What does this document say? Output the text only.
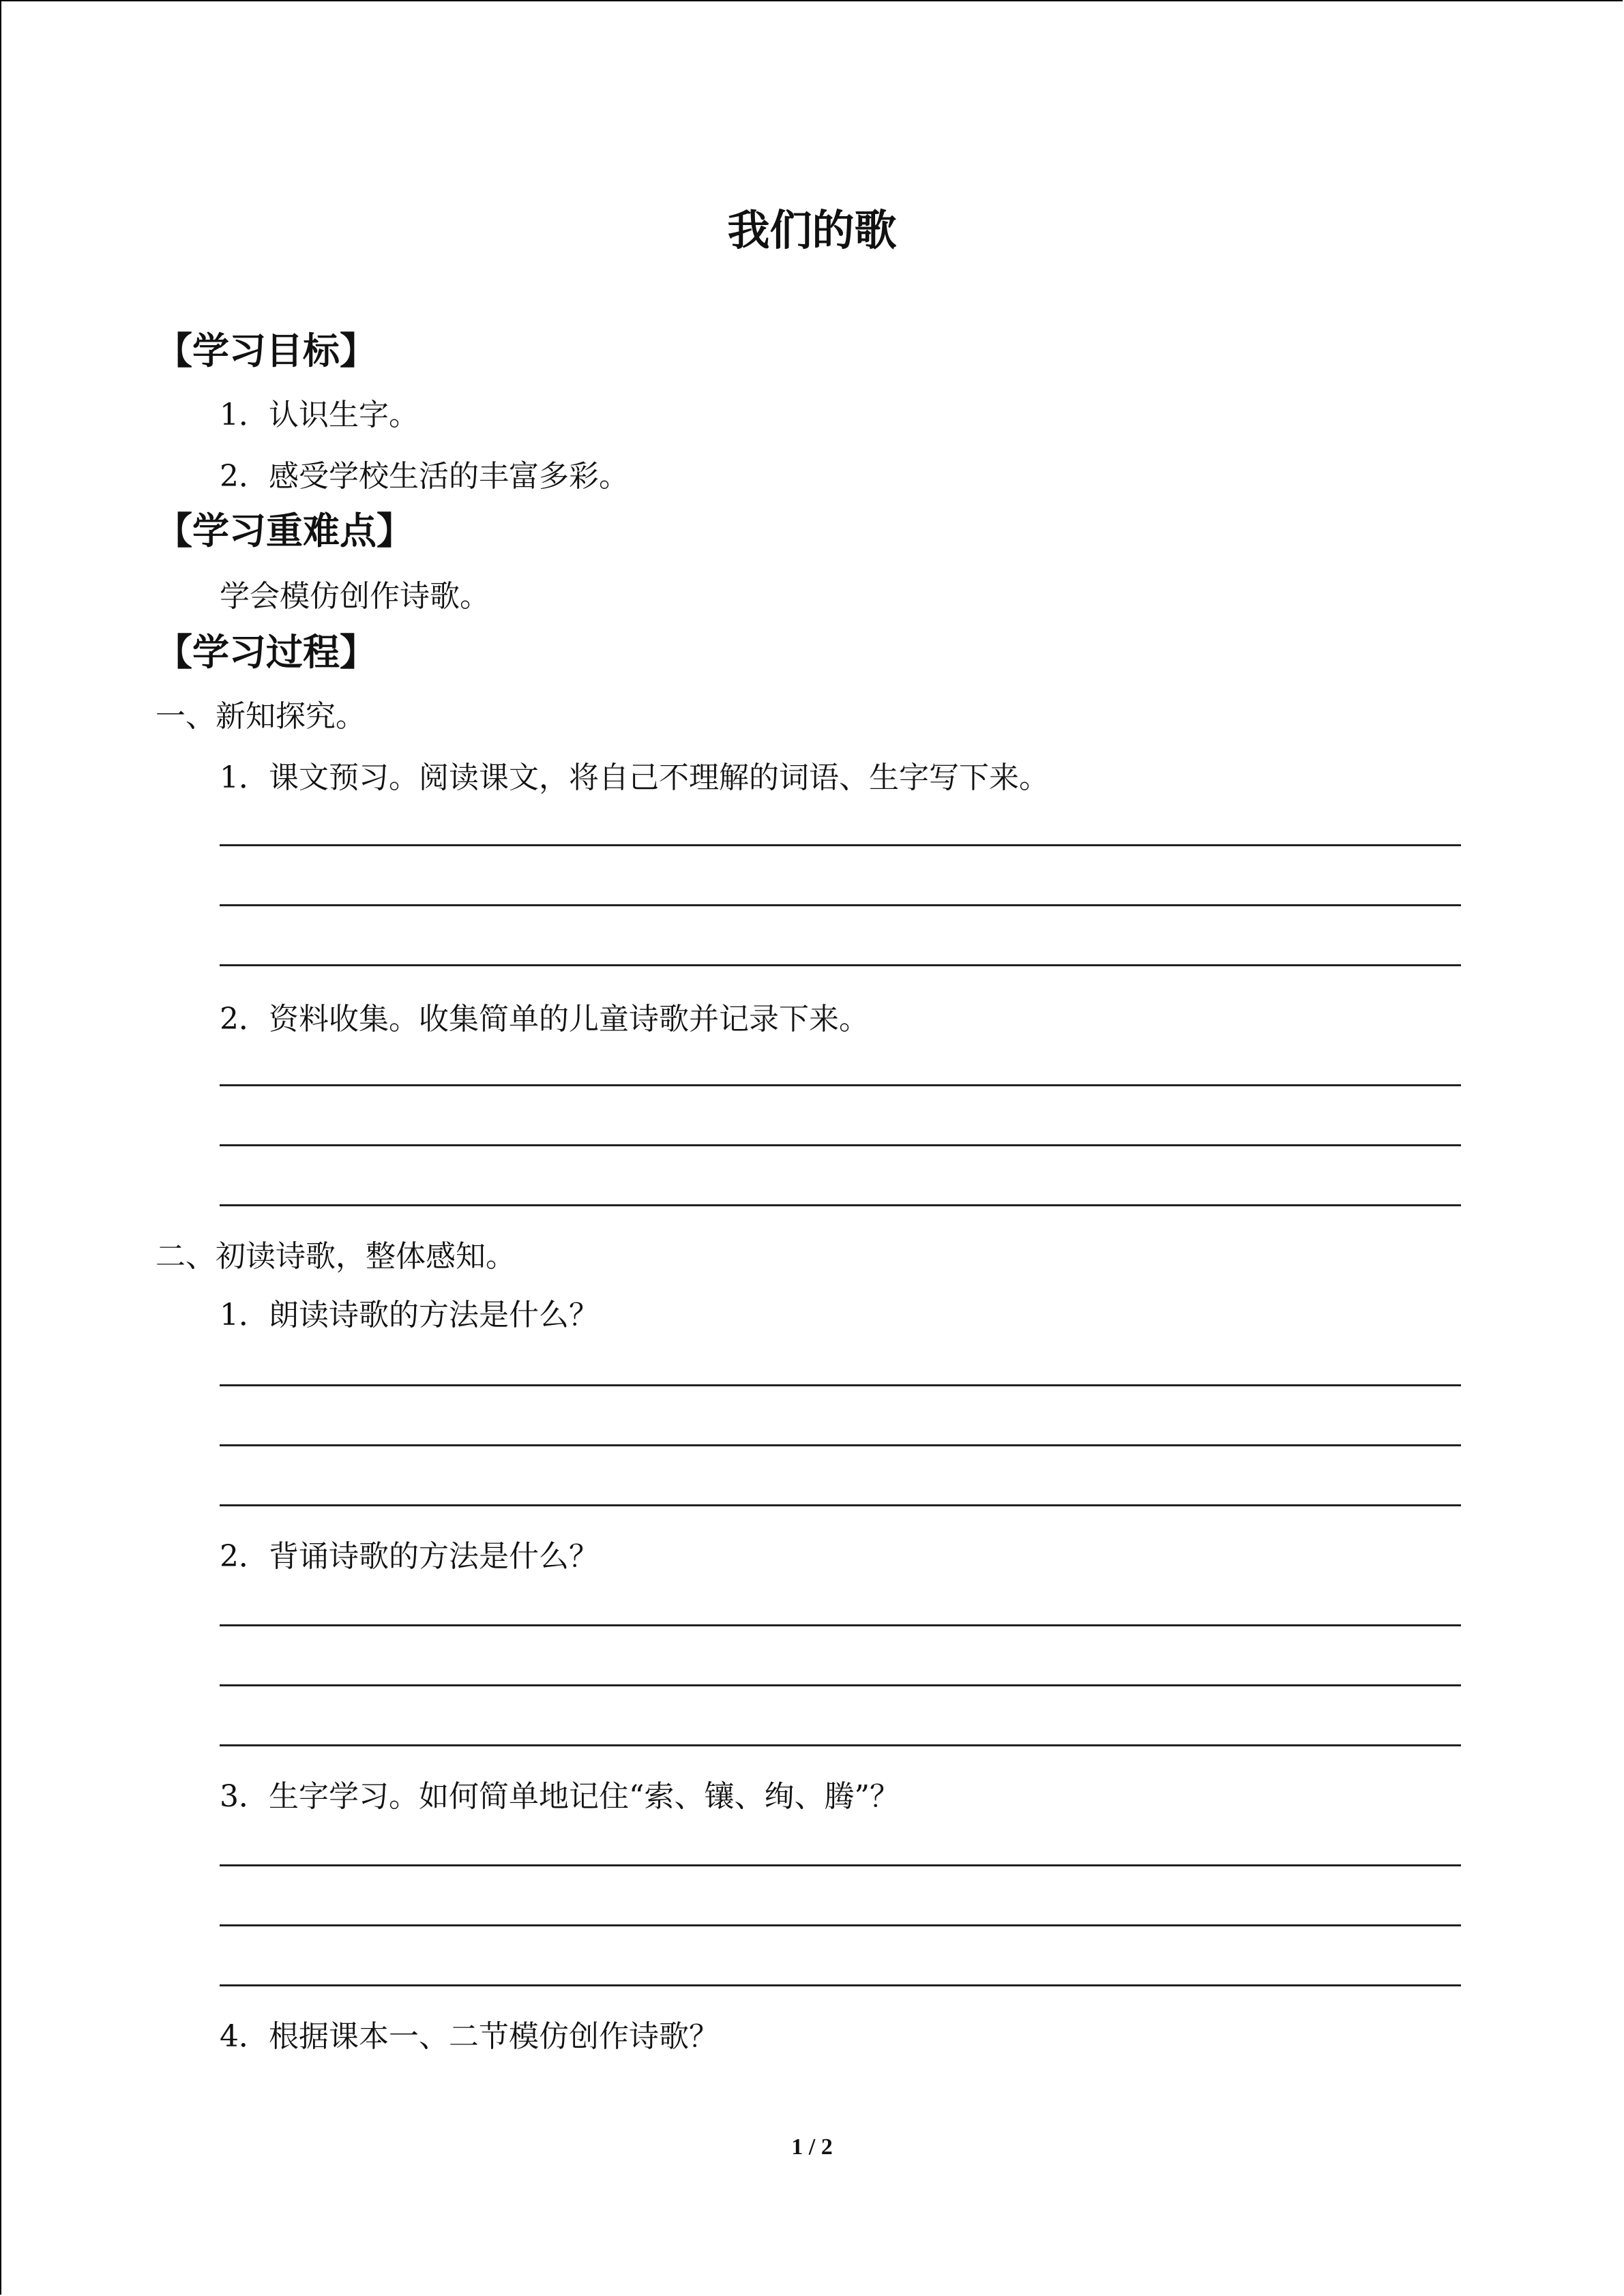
我们的歌
【学习目标】
1．认识生字。
2．感受学校生活的丰富多彩。
【学习重难点】
学会模仿创作诗歌。
【学习过程】
一、新知探究。
1．课文预习。阅读课文，将自己不理解的词语、生字写下来。
2．资料收集。收集简单的儿童诗歌并记录下来。
二、初读诗歌，整体感知。
1．朗读诗歌的方法是什么？
2．背诵诗歌的方法是什么？
3．生字学习。如何简单地记住“索、镶、绚、腾”？
4．根据课本一、二节模仿创作诗歌？
1 / 2
